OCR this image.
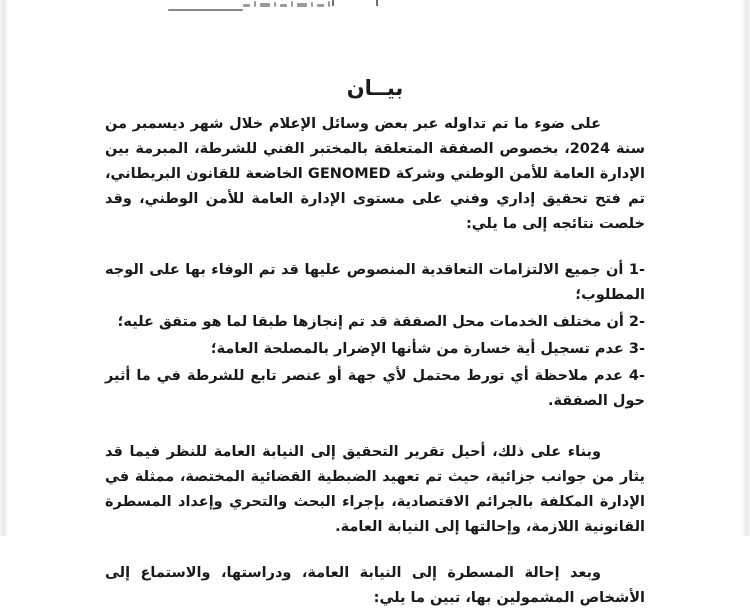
بيــان

على ضوء ما تم تداوله عبر بعض وسائل الإعلام خلال شهر ديسمبر من سنة 2024، بخصوص الصفقة المتعلقة بالمختبر الفني للشرطة، المبرمة بين الإدارة العامة للأمن الوطني وشركة GENOMED الخاضعة للقانون البريطاني، تم فتح تحقيق إداري وفني على مستوى الإدارة العامة للأمن الوطني، وقد خلصت نتائجه إلى ما يلي:

1- أن جميع الالتزامات التعاقدية المنصوص عليها قد تم الوفاء بها على الوجه المطلوب؛
2- أن مختلف الخدمات محل الصفقة قد تم إنجازها طبقا لما هو متفق عليه؛
3- عدم تسجيل أية خسارة من شأنها الإضرار بالمصلحة العامة؛
4- عدم ملاحظة أي تورط محتمل لأي جهة أو عنصر تابع للشرطة في ما أثير حول الصفقة.

وبناء على ذلك، أحيل تقرير التحقيق إلى النيابة العامة للنظر فيما قد يثار من جوانب جزائية، حيث تم تعهيد الضبطية القضائية المختصة، ممثلة في الإدارة المكلفة بالجرائم الاقتصادية، بإجراء البحث والتحري وإعداد المسطرة القانونية اللازمة، وإحالتها إلى النيابة العامة.

وبعد إحالة المسطرة إلى النيابة العامة، ودراستها، والاستماع إلى الأشخاص المشمولين بها، تبين ما يلي:
